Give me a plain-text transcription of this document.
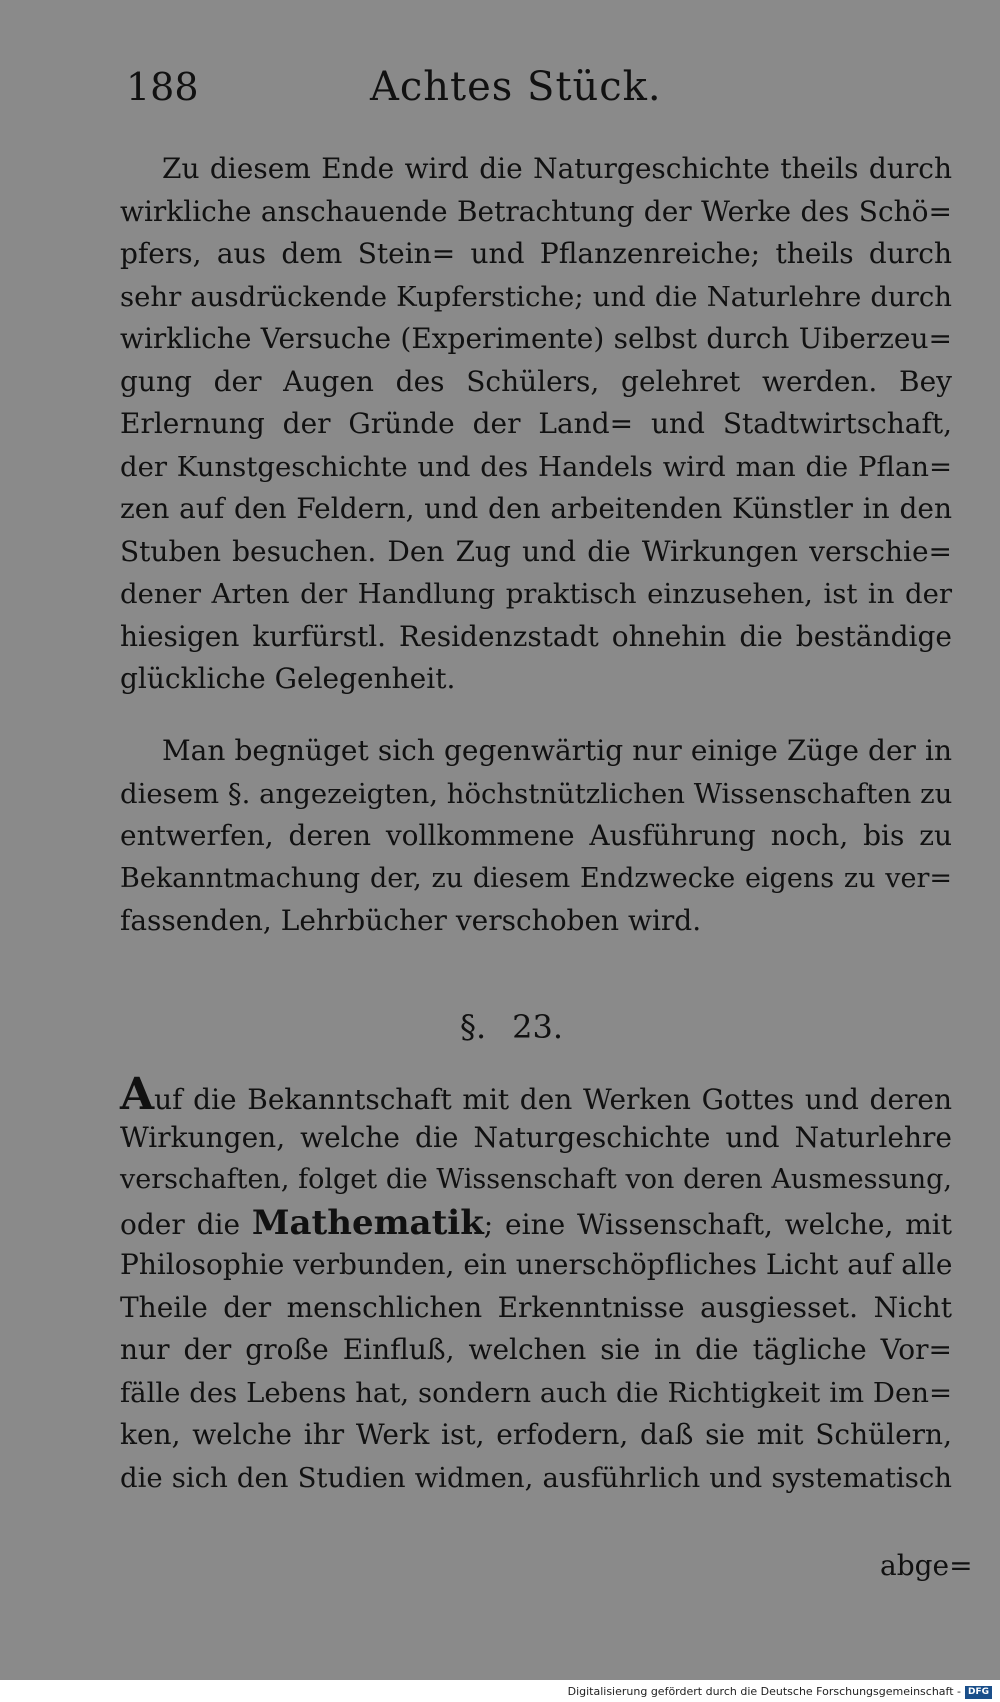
188	Achtes Stück.
Zu diesem Ende wird die Naturgeschichte theils durch
wirkliche anschauende Betrachtung der Werke des Schö=
pfers, aus dem Stein= und Pflanzenreiche; theils durch
sehr ausdrückende Kupferstiche; und die Naturlehre durch
wirkliche Versuche (Experimente) selbst durch Uiberzeu=
gung der Augen des Schülers, gelehret werden. Bey
Erlernung der Gründe der Land= und Stadtwirtschaft,
der Kunstgeschichte und des Handels wird man die Pflan=
zen auf den Feldern, und den arbeitenden Künstler in den
Stuben besuchen. Den Zug und die Wirkungen verschie=
dener Arten der Handlung praktisch einzusehen, ist in der
hiesigen kurfürstl. Residenzstadt ohnehin die beständige
glückliche Gelegenheit.
Man begnüget sich gegenwärtig nur einige Züge der in
diesem §. angezeigten, höchstnützlichen Wissenschaften zu
entwerfen, deren vollkommene Ausführung noch, bis zu
Bekanntmachung der, zu diesem Endzwecke eigens zu ver=
fassenden, Lehrbücher verschoben wird.
§. 23.
Auf die Bekanntschaft mit den Werken Gottes und deren
Wirkungen, welche die Naturgeschichte und Naturlehre
verschaften, folget die Wissenschaft von deren Ausmessung,
oder die Mathematik; eine Wissenschaft, welche, mit
Philosophie verbunden, ein unerschöpfliches Licht auf alle
Theile der menschlichen Erkenntnisse ausgiesset. Nicht
nur der große Einfluß, welchen sie in die tägliche Vor=
fälle des Lebens hat, sondern auch die Richtigkeit im Den=
ken, welche ihr Werk ist, erfodern, daß sie mit Schülern,
die sich den Studien widmen, ausführlich und systematisch
abge=
Digitalisierung gefördert durch die Deutsche Forschungsgemeinschaft - DFG
